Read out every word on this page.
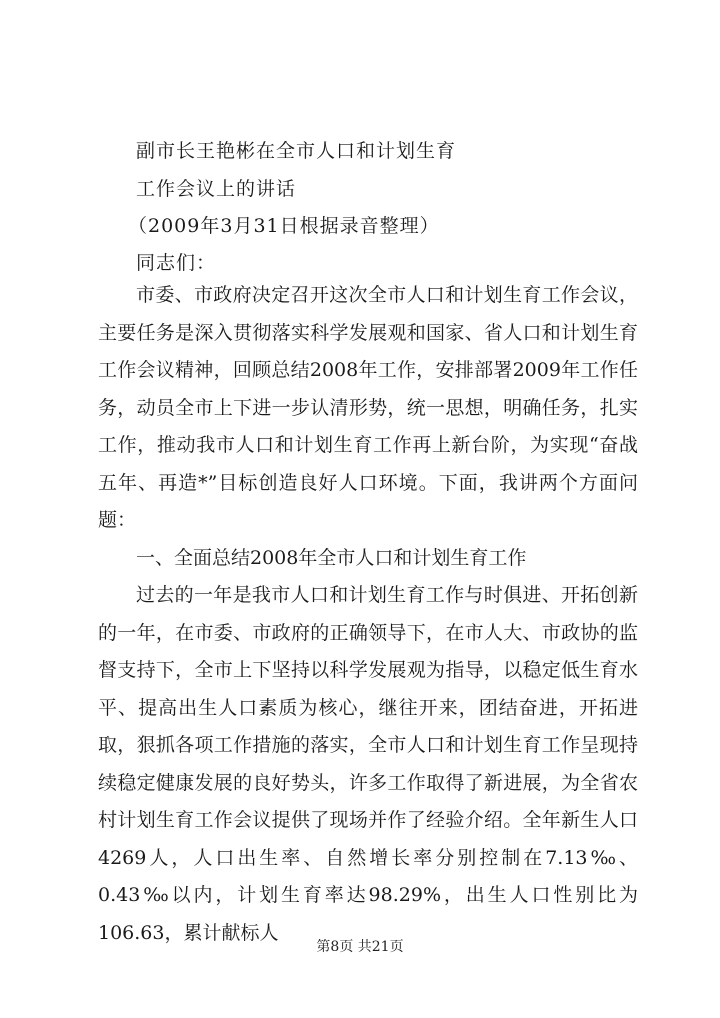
副市长王艳彬在全市人口和计划生育
工作会议上的讲话
（2009年3月31日根据录音整理）
同志们：

市委、市政府决定召开这次全市人口和计划生育工作会议，主要任务是深入贯彻落实科学发展观和国家、省人口和计划生育工作会议精神，回顾总结2008年工作，安排部署2009年工作任务，动员全市上下进一步认清形势，统一思想，明确任务，扎实工作，推动我市人口和计划生育工作再上新台阶，为实现“奋战五年、再造*”目标创造良好人口环境。下面，我讲两个方面问题：

一、全面总结2008年全市人口和计划生育工作

过去的一年是我市人口和计划生育工作与时俱进、开拓创新的一年，在市委、市政府的正确领导下，在市人大、市政协的监督支持下，全市上下坚持以科学发展观为指导，以稳定低生育水平、提高出生人口素质为核心，继往开来，团结奋进，开拓进取，狠抓各项工作措施的落实，全市人口和计划生育工作呈现持续稳定健康发展的良好势头，许多工作取得了新进展，为全省农村计划生育工作会议提供了现场并作了经验介绍。全年新生人口4269人，人口出生率、自然增长率分别控制在7.13‰、0.43‰以内，计划生育率达98.29%，出生人口性别比为106.63，累计献标人

第8页 共21页
